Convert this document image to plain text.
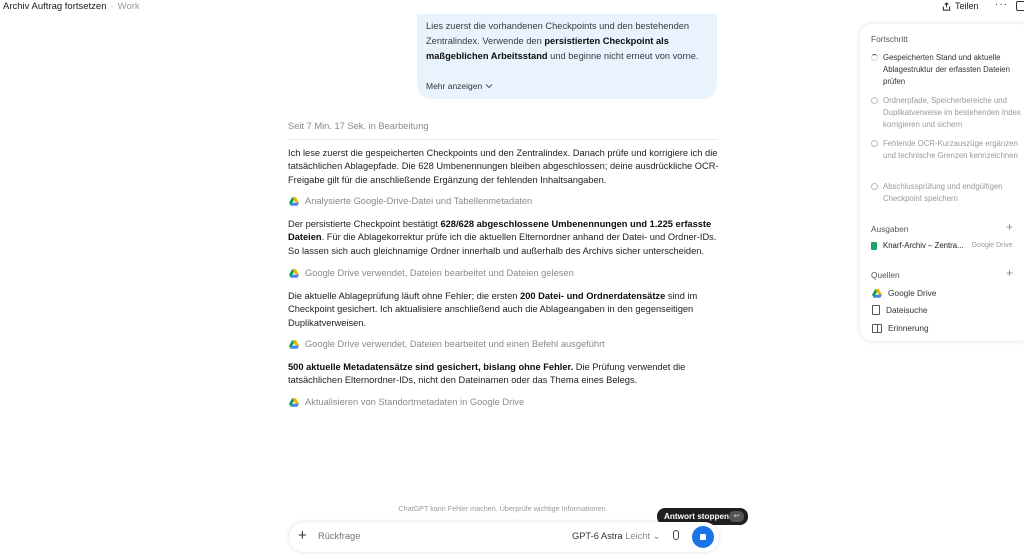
Archiv Auftrag fortsetzen · Work	Teilen ···
Lies zuerst die vorhandenen Checkpoints und den bestehenden Zentralindex. Verwende den persistierten Checkpoint als maßgeblichen Arbeitsstand und beginne nicht erneut von vorne.
Mehr anzeigen
Seit 7 Min. 17 Sek. in Bearbeitung
Ich lese zuerst die gespeicherten Checkpoints und den Zentralindex. Danach prüfe und korrigiere ich die tatsächlichen Ablagepfade. Die 628 Umbenennungen bleiben abgeschlossen; deine ausdrückliche OCR-Freigabe gilt für die anschließende Ergänzung der fehlenden Inhaltsangaben.
Analysierte Google-Drive-Datei und Tabellenmetadaten
Der persistierte Checkpoint bestätigt 628/628 abgeschlossene Umbenennungen und 1.225 erfasste Dateien. Für die Ablagekorrektur prüfe ich die aktuellen Elternordner anhand der Datei- und Ordner-IDs. So lassen sich auch gleichnamige Ordner innerhalb und außerhalb des Archivs sicher unterscheiden.
Google Drive verwendet, Dateien bearbeitet und Dateien gelesen
Die aktuelle Ablageprüfung läuft ohne Fehler; die ersten 200 Datei- und Ordnerdatensätze sind im Checkpoint gesichert. Ich aktualisiere anschließend auch die Ablageangaben in den gegenseitigen Duplikatverweisen.
Google Drive verwendet, Dateien bearbeitet und einen Befehl ausgeführt
500 aktuelle Metadatensätze sind gesichert, bislang ohne Fehler. Die Prüfung verwendet die tatsächlichen Elternordner-IDs, nicht den Dateinamen oder das Thema eines Belegs.
Aktualisieren von Standortmetadaten in Google Drive
Fortschritt
Gespeicherten Stand und aktuelle Ablagestruktur der erfassten Dateien prüfen
Ordnerpfade, Speicherbereiche und Duplikatverweise im bestehenden Index korrigieren und sichern
Fehlende OCR-Kurzauszüge ergänzen und technische Grenzen kennzeichnen
Abschlussprüfung und endgültigen Checkpoint speichern
Ausgaben	+
Knarf-Archiv – Zentra... Google Drive
Quellen	+
Google Drive
Dateisuche
Erinnerung
ChatGPT kann Fehler machen. Überprüfe wichtige Informationen.
Antwort stoppen ↩
+
Rückfrage	GPT-6 Astra Leicht ⌄
